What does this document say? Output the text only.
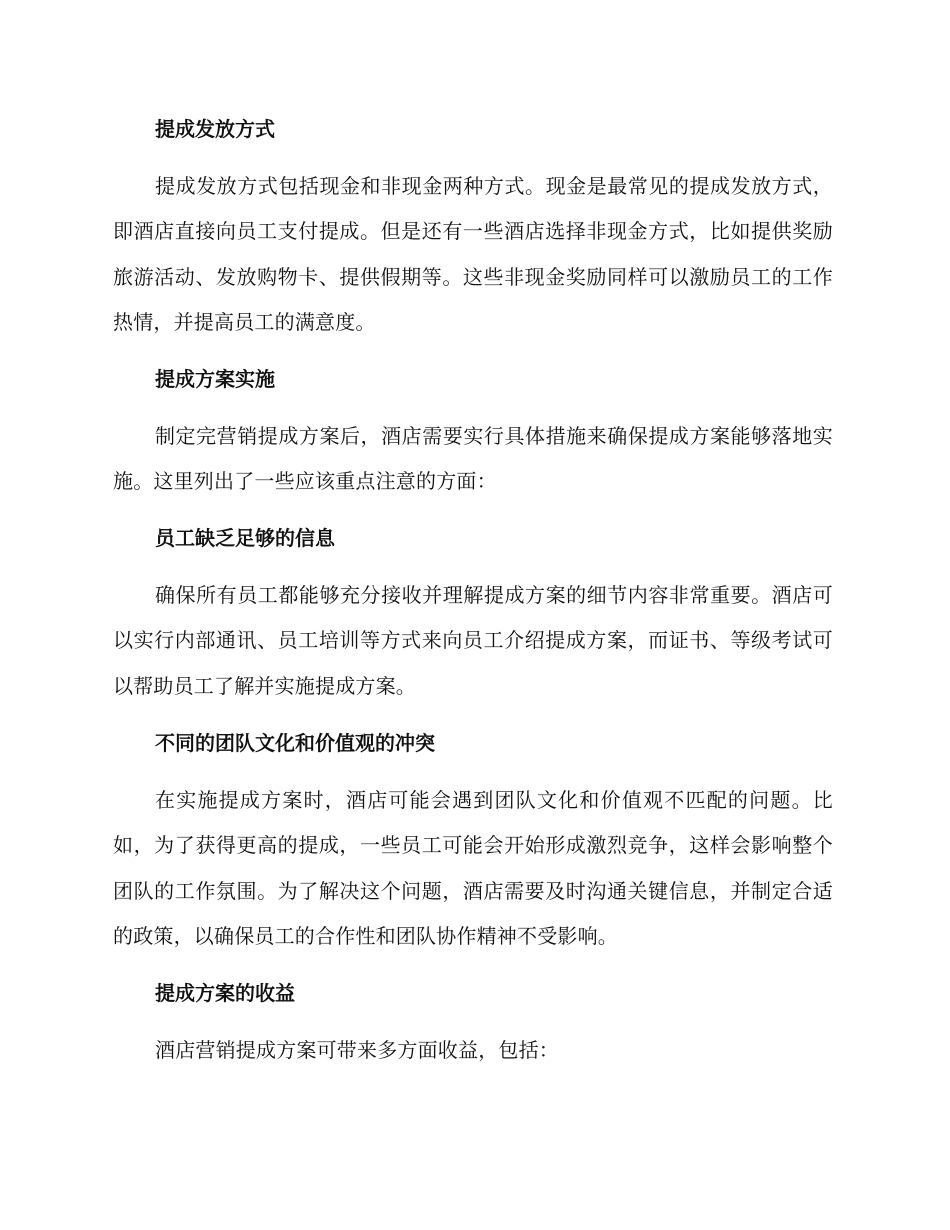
提成发放方式
提成发放方式包括现金和非现金两种方式。现金是最常见的提成发放方式，即酒店直接向员工支付提成。但是还有一些酒店选择非现金方式，比如提供奖励旅游活动、发放购物卡、提供假期等。这些非现金奖励同样可以激励员工的工作热情，并提高员工的满意度。
提成方案实施
制定完营销提成方案后，酒店需要实行具体措施来确保提成方案能够落地实施。这里列出了一些应该重点注意的方面：
员工缺乏足够的信息
确保所有员工都能够充分接收并理解提成方案的细节内容非常重要。酒店可以实行内部通讯、员工培训等方式来向员工介绍提成方案，而证书、等级考试可以帮助员工了解并实施提成方案。
不同的团队文化和价值观的冲突
在实施提成方案时，酒店可能会遇到团队文化和价值观不匹配的问题。比如，为了获得更高的提成，一些员工可能会开始形成激烈竞争，这样会影响整个团队的工作氛围。为了解决这个问题，酒店需要及时沟通关键信息，并制定合适的政策，以确保员工的合作性和团队协作精神不受影响。
提成方案的收益
酒店营销提成方案可带来多方面收益，包括：
